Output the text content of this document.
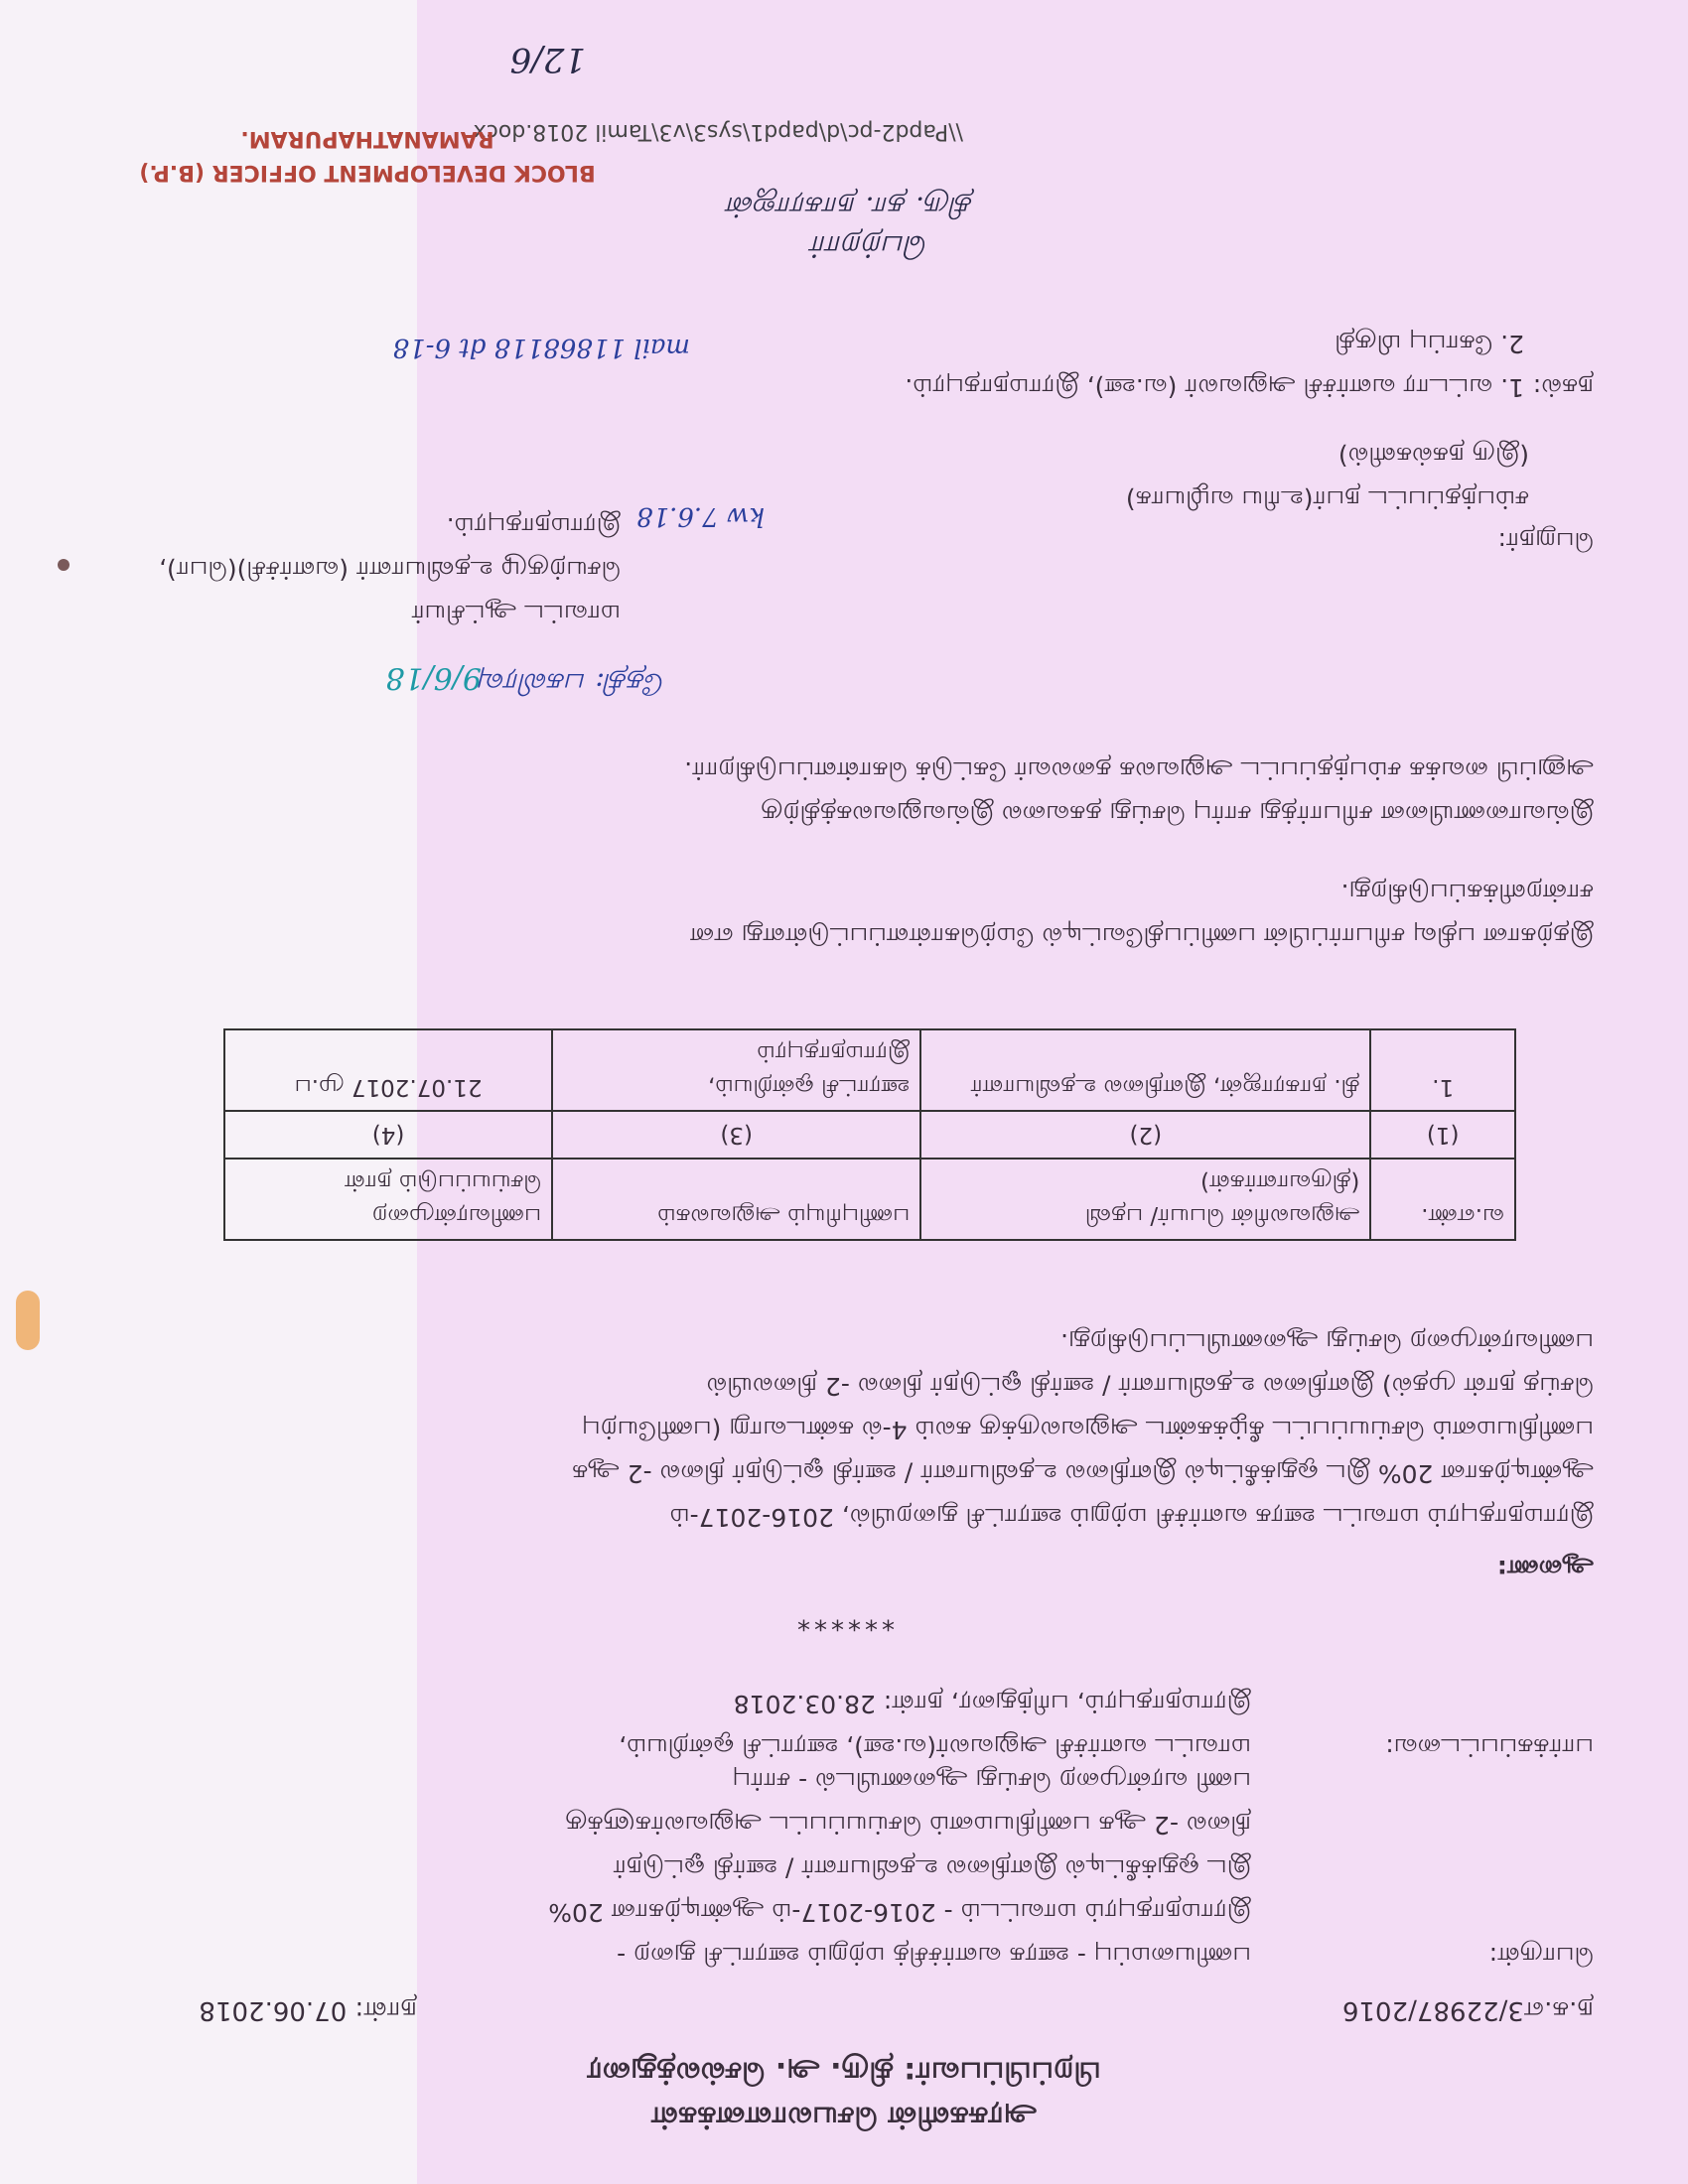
அரசுகளின் செயலாளனக்கள்
பிறப்பிப்பவர்: திரு. அ. செல்லத்துரை
ந.க.எ3/22987/2016
நாள்: 07.06.2018
பொருள்:
பணியமைப்பு - ஊரக வளர்ச்சித் மற்றும் ஊராட்சி துறை -
இராமநாதபுரம் மாவட்டம் - 2016-2017-ம் ஆண்டிற்கான 20%
இட ஒதுக்கீட்டில் இளநிலை உதவியாளர் / ஊர்தி ஓட்டுநர்
நிலை -2 ஆக பணிநியமனம் செய்யப்பட்ட அலுவலர்களுக்கு
பணி வரன்முறை செய்து ஆணையிடல் - சார்பு
பார்க்கப்பட்டவை:
மாவட்ட வளர்ச்சி அலுவலர்(வ.ஊ), ஊராட்சி ஒன்றியம்,
இராமநாதபுரம், பரிந்துரை, நாள்: 28.03.2018
******
ஆணை:
இராமநாதபுரம் மாவட்ட ஊரக வளர்ச்சி மற்றும் ஊராட்சி துறையில், 2016-2017-ம்
ஆண்டிற்கான 20% இட ஒதுக்கீட்டில் இளநிலை உதவியாளர் / ஊர்தி ஓட்டுநர் நிலை -2 ஆக
பணிநியமனம் செய்யப்பட்ட கீழ்க்கண்ட அலுவலருக்கு கலம் 4-ல் கண்டவாறு (பணியேற்பு
செய்த நாள் முதல்) இளநிலை உதவியாளர் / ஊர்தி ஓட்டுநர் நிலை -2 நிலையில்
பணிவரன்முறை செய்து ஆணையிடப்படுகிறது.
வ.எண்.	அலுவலரின் பெயர்/ பதவி (திருவாளர்கள்)	பணிபுரியும் அலுவலகம்	பணிவரன்முறை செய்யப்படும் நாள்
(1)	(2)	(3)	(4)
1.	தி. நாகராஜன், இளநிலை உதவியாளர்	ஊராட்சி ஒன்றியம், இராமநாதபுரம்	21.07.2017 மு.ப
இதற்கான பதிவு சரிபார்ப்பின் பணிப்பதிவேட்டில் மேற்கொள்ளப்பட்டுள்ளது என
சான்றளிக்கப்படுகிறது.
இவ்வாணையினை சரிபார்த்து சார்பு செய்து தகவலை இவ்வலுவலகத்திற்கு
அனுப்பி வைக்க சம்பந்தப்பட்ட அலுவலக தலைவர் கேட்டுக் கொள்ளப்படுகிறார்.
மாவட்ட ஆட்சியர்
செயற்குழு உதவியாளர் (வளர்ச்சி)(பொ),
இராமநாதபுரம்.
பெறுநர்:
சம்பந்தப்பட்ட நபர்(உரிய வழியாக)
(இரு நகல்களில்)
நகல்:
1. வட்டார வளர்ச்சி அலுவலர் (வ.ஊ), இராமநாதபுரம்.
2. கோப்பு மிகுதி
\\Papd2-pc\d\papd1\sys3\v3\Tamil 2018.docx
BLOCK DEVELOPMENT OFFICER (B.P.)
RAMANATHAPURAM.
12/6
பெற்றார்
திரு. தா. நாகராஜன்
தேதி: பகலிரவு
kw 7.6.18
9/6/18
mail 11868118 dt 6-18
